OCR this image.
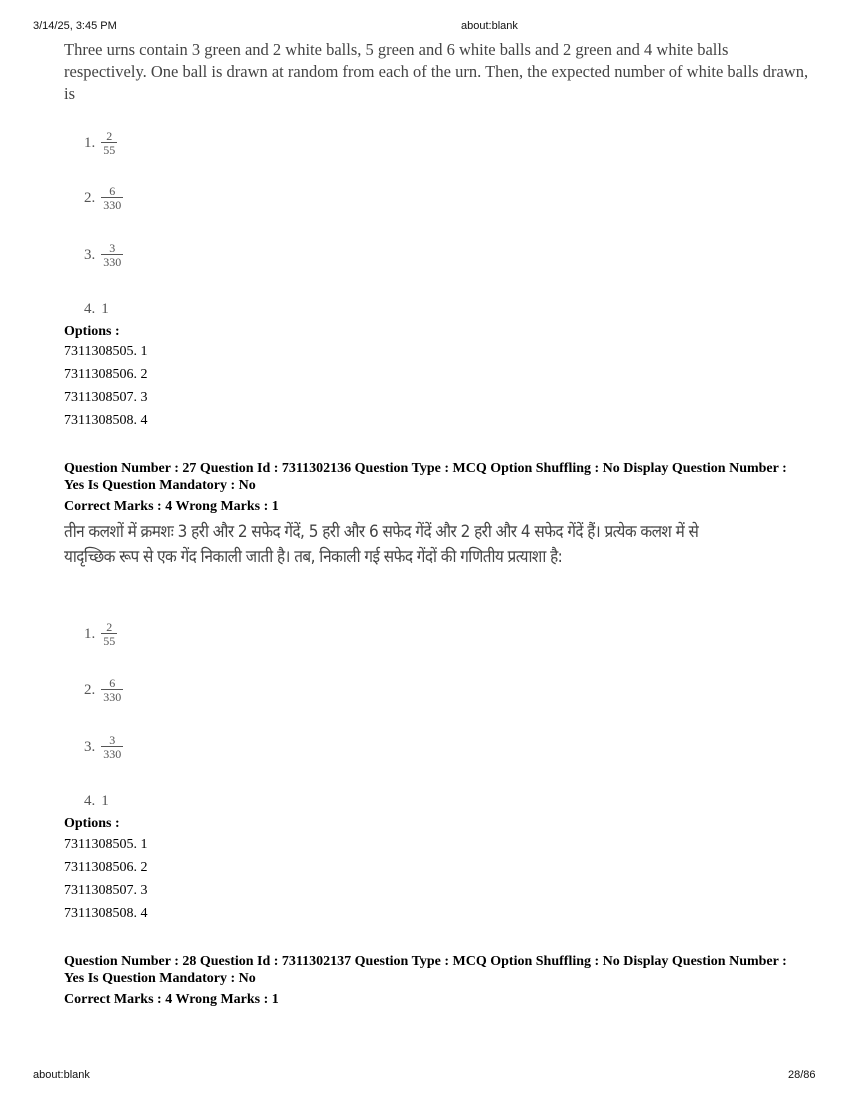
3/14/25, 3:45 PM	about:blank
Three urns contain 3 green and 2 white balls, 5 green and 6 white balls and 2 green and 4 white balls respectively. One ball is drawn at random from each of the urn. Then, the expected number of white balls drawn, is
1. $\frac{2}{55}$
2. $\frac{6}{330}$
3. $\frac{3}{330}$
4. 1
Options :
7311308505. 1
7311308506. 2
7311308507. 3
7311308508. 4
Question Number : 27 Question Id : 7311302136 Question Type : MCQ Option Shuffling : No Display Question Number : Yes Is Question Mandatory : No
Correct Marks : 4 Wrong Marks : 1
तीन कलशों में क्रमशः 3 हरी और 2 सफेद गेंदें, 5 हरी और 6 सफेद गेंदें और 2 हरी और 4 सफेद गेंदें हैं। प्रत्येक कलश में से यादृच्छिक रूप से एक गेंद निकाली जाती है। तब, निकाली गई सफेद गेंदों की गणितीय प्रत्याशा है:
1. $\frac{2}{55}$
2. $\frac{6}{330}$
3. $\frac{3}{330}$
4. 1
Options :
7311308505. 1
7311308506. 2
7311308507. 3
7311308508. 4
Question Number : 28 Question Id : 7311302137 Question Type : MCQ Option Shuffling : No Display Question Number : Yes Is Question Mandatory : No
Correct Marks : 4 Wrong Marks : 1
about:blank	28/86
